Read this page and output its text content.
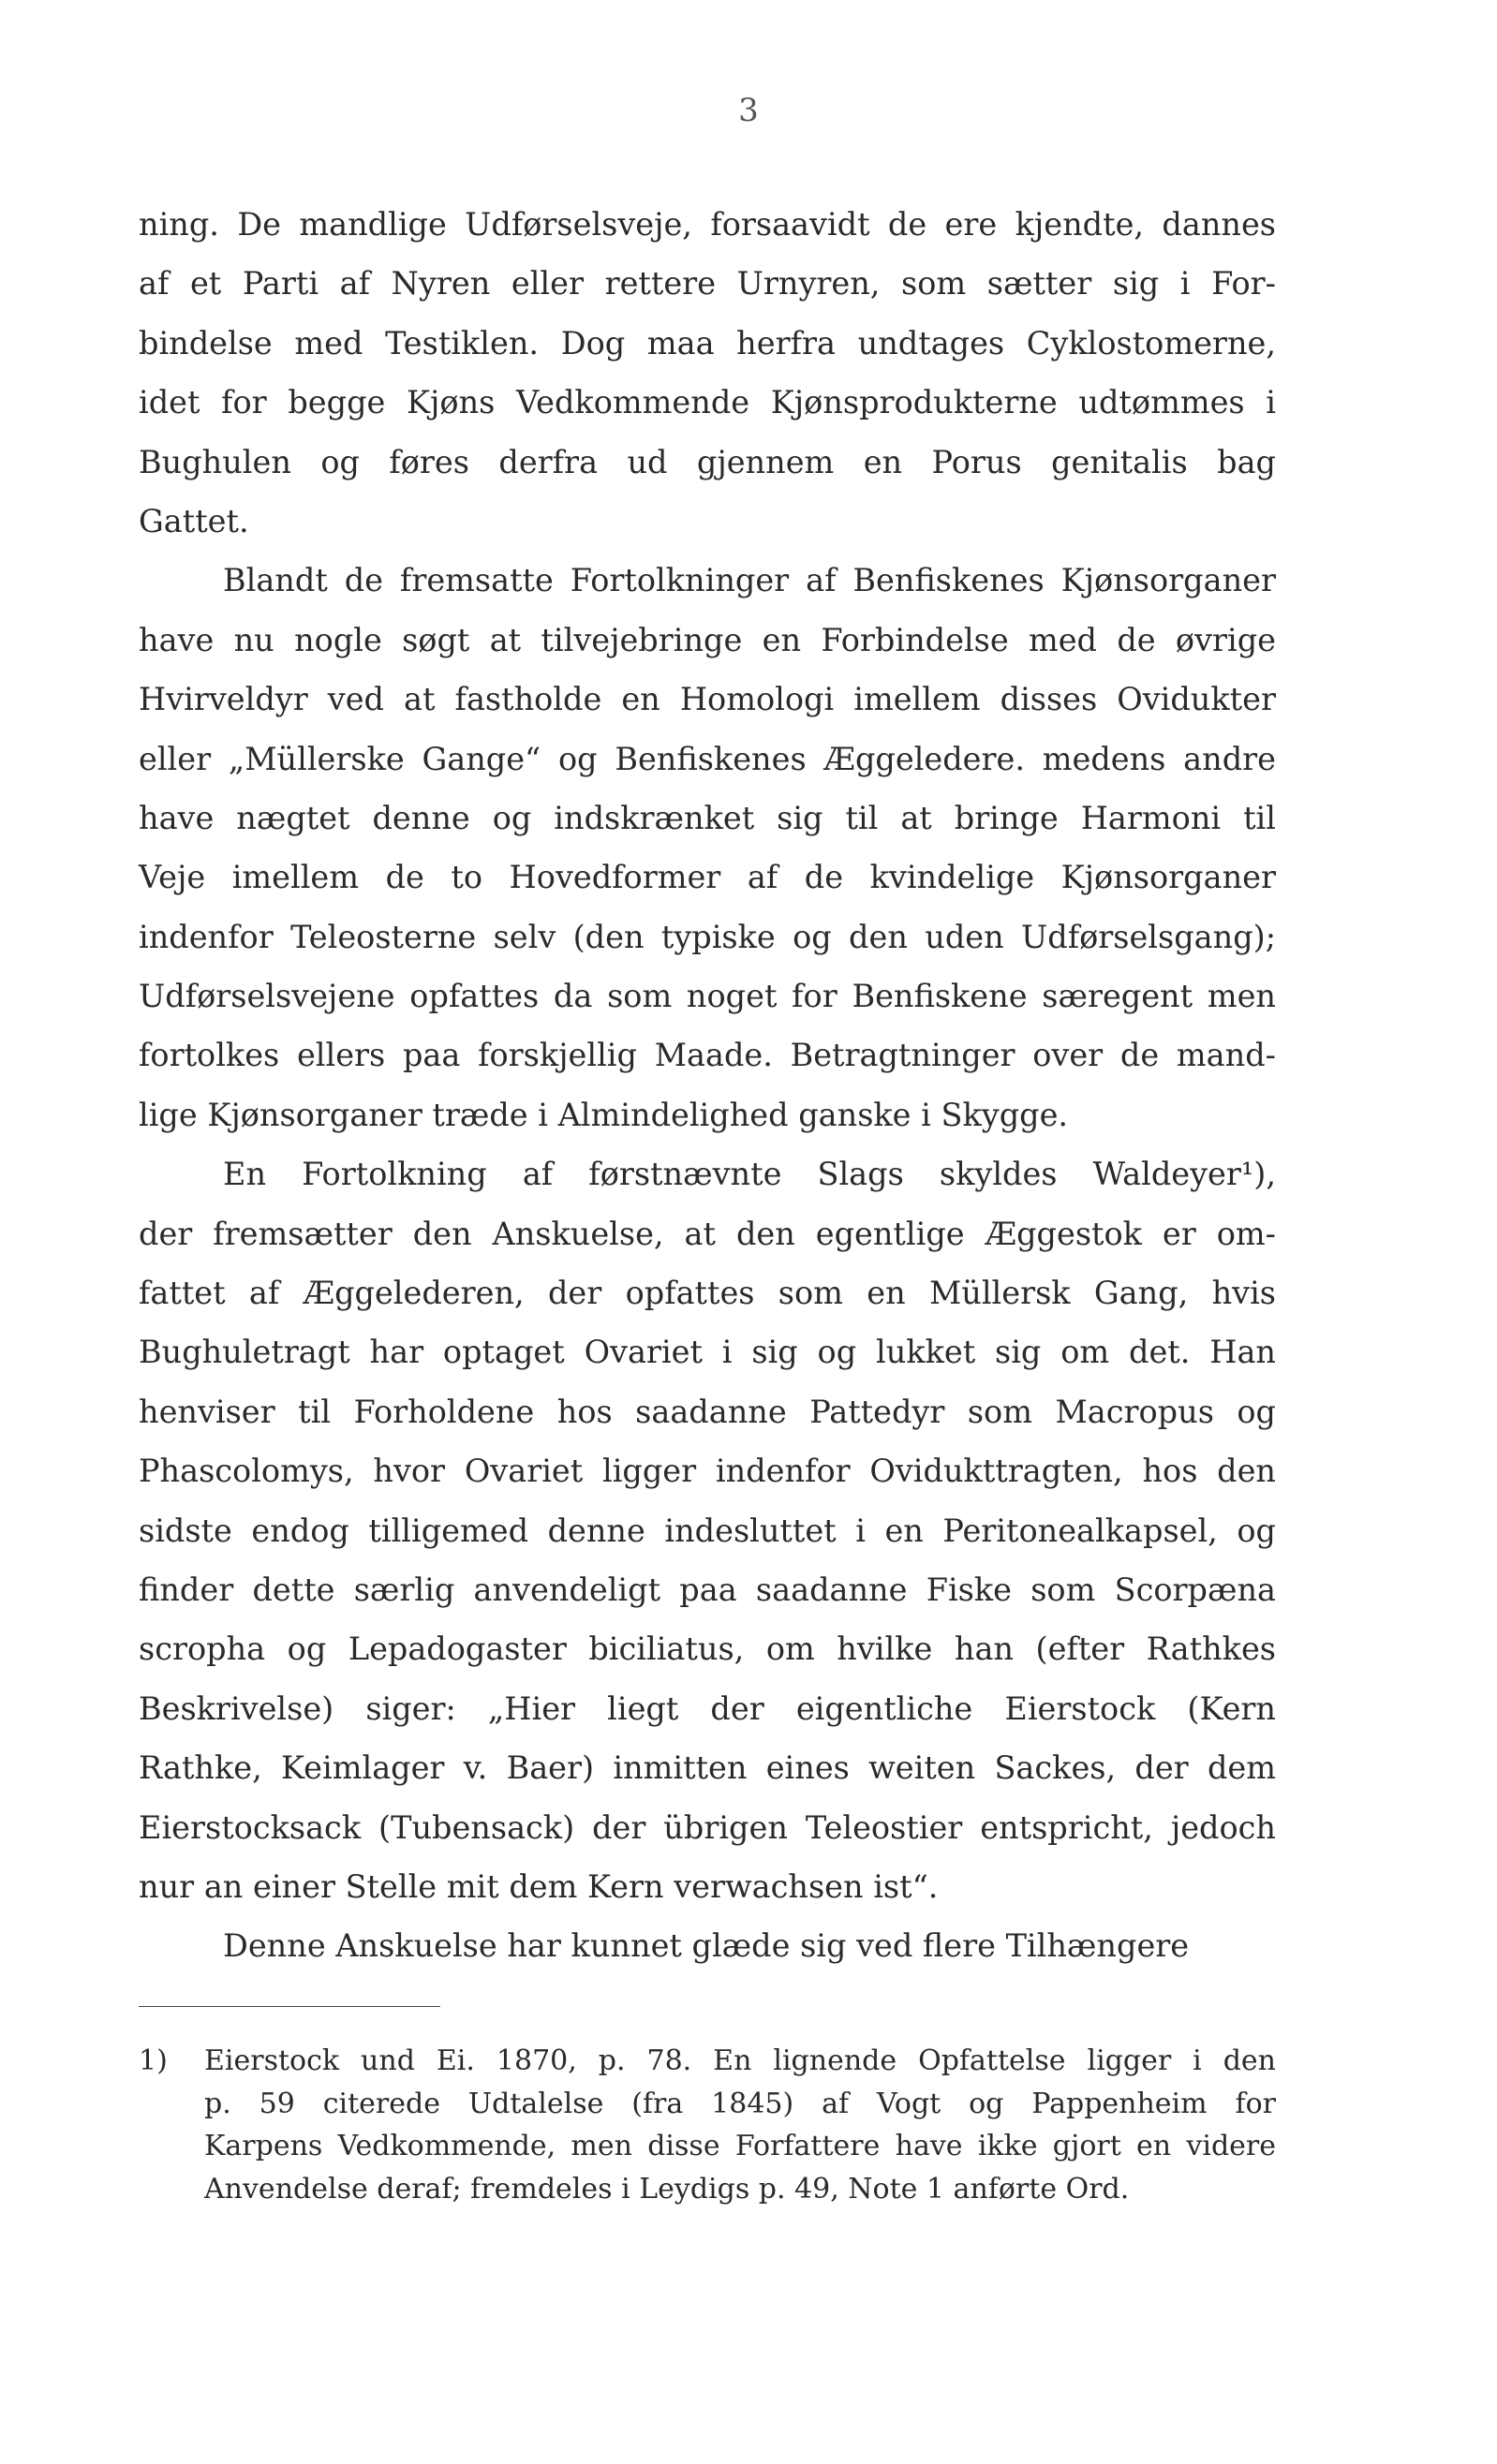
3
ning. De mandlige Udførselsveje, forsaavidt de ere kjendte, dannes
af et Parti af Nyren eller rettere Urnyren, som sætter sig i For-
bindelse med Testiklen. Dog maa herfra undtages Cyklostomerne,
idet for begge Kjøns Vedkommende Kjønsprodukterne udtømmes i
Bughulen og føres derfra ud gjennem en Porus genitalis bag
Gattet.
Blandt de fremsatte Fortolkninger af Benfiskenes Kjønsorganer
have nu nogle søgt at tilvejebringe en Forbindelse med de øvrige
Hvirveldyr ved at fastholde en Homologi imellem disses Ovidukter
eller „Müllerske Gange“ og Benfiskenes Æggeledere. medens andre
have nægtet denne og indskrænket sig til at bringe Harmoni til
Veje imellem de to Hovedformer af de kvindelige Kjønsorganer
indenfor Teleosterne selv (den typiske og den uden Udførselsgang);
Udførselsvejene opfattes da som noget for Benfiskene særegent men
fortolkes ellers paa forskjellig Maade. Betragtninger over de mand-
lige Kjønsorganer træde i Almindelighed ganske i Skygge.
En Fortolkning af førstnævnte Slags skyldes Waldeyer¹),
der fremsætter den Anskuelse, at den egentlige Æggestok er om-
fattet af Æggelederen, der opfattes som en Müllersk Gang, hvis
Bughuletragt har optaget Ovariet i sig og lukket sig om det. Han
henviser til Forholdene hos saadanne Pattedyr som Macropus og
Phascolomys, hvor Ovariet ligger indenfor Ovidukttragten, hos den
sidste endog tilligemed denne indesluttet i en Peritonealkapsel, og
finder dette særlig anvendeligt paa saadanne Fiske som Scorpæna
scropha og Lepadogaster biciliatus, om hvilke han (efter Rathkes
Beskrivelse) siger: „Hier liegt der eigentliche Eierstock (Kern
Rathke, Keimlager v. Baer) inmitten eines weiten Sackes, der dem
Eierstocksack (Tubensack) der übrigen Teleostier entspricht, jedoch
nur an einer Stelle mit dem Kern verwachsen ist“.
Denne Anskuelse har kunnet glæde sig ved flere Tilhængere
1) Eierstock und Ei. 1870, p. 78. En lignende Opfattelse ligger i den
p. 59 citerede Udtalelse (fra 1845) af Vogt og Pappenheim for
Karpens Vedkommende, men disse Forfattere have ikke gjort en videre
Anvendelse deraf; fremdeles i Leydigs p. 49, Note 1 anførte Ord.
